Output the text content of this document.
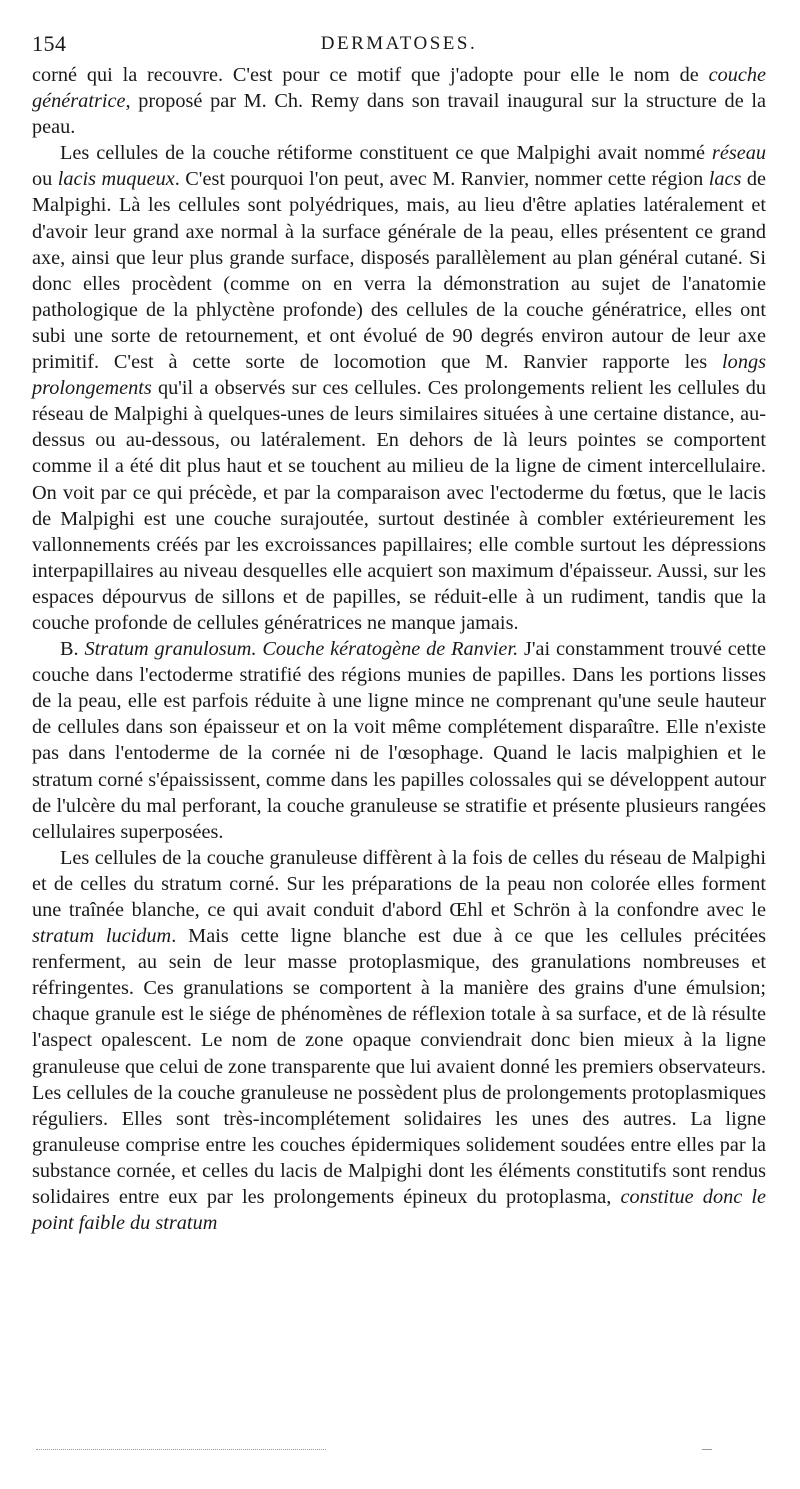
154	DERMATOSES.

corné qui la recouvre. C'est pour ce motif que j'adopte pour elle le nom de couche génératrice, proposé par M. Ch. Remy dans son travail inaugural sur la structure de la peau.

Les cellules de la couche rétiforme constituent ce que Malpighi avait nommé réseau ou lacis muqueux. C'est pourquoi l'on peut, avec M. Ranvier, nommer cette région lacs de Malpighi. Là les cellules sont polyédriques, mais, au lieu d'être aplaties latéralement et d'avoir leur grand axe normal à la surface générale de la peau, elles présentent ce grand axe, ainsi que leur plus grande surface, disposés parallèlement au plan général cutané. Si donc elles procèdent (comme on en verra la démonstration au sujet de l'anatomie pathologique de la phlyctène profonde) des cellules de la couche génératrice, elles ont subi une sorte de retournement, et ont évolué de 90 degrés environ autour de leur axe primitif. C'est à cette sorte de locomotion que M. Ranvier rapporte les longs prolongements qu'il a observés sur ces cellules. Ces prolongements relient les cellules du réseau de Malpighi à quelques-unes de leurs similaires situées à une certaine distance, au-dessus ou au-dessous, ou latéralement. En dehors de là leurs pointes se comportent comme il a été dit plus haut et se touchent au milieu de la ligne de ciment intercellulaire. On voit par ce qui précède, et par la comparaison avec l'ectoderme du fœtus, que le lacis de Malpighi est une couche surajoutée, surtout destinée à combler extérieurement les vallonnements créés par les excroissances papillaires; elle comble surtout les dépressions interpapillaires au niveau desquelles elle acquiert son maximum d'épaisseur. Aussi, sur les espaces dépourvus de sillons et de papilles, se réduit-elle à un rudiment, tandis que la couche profonde de cellules génératrices ne manque jamais.

B. Stratum granulosum. Couche kératogène de Ranvier. J'ai constamment trouvé cette couche dans l'ectoderme stratifié des régions munies de papilles. Dans les portions lisses de la peau, elle est parfois réduite à une ligne mince ne comprenant qu'une seule hauteur de cellules dans son épaisseur et on la voit même complétement disparaître. Elle n'existe pas dans l'entoderme de la cornée ni de l'œsophage. Quand le lacis malpighien et le stratum corné s'épaississent, comme dans les papilles colossales qui se développent autour de l'ulcère du mal perforant, la couche granuleuse se stratifie et présente plusieurs rangées cellulaires superposées.

Les cellules de la couche granuleuse diffèrent à la fois de celles du réseau de Malpighi et de celles du stratum corné. Sur les préparations de la peau non colorée elles forment une traînée blanche, ce qui avait conduit d'abord Œhl et Schrön à la confondre avec le stratum lucidum. Mais cette ligne blanche est due à ce que les cellules précitées renferment, au sein de leur masse protoplasmique, des granulations nombreuses et réfringentes. Ces granulations se comportent à la manière des grains d'une émulsion; chaque granule est le siége de phénomènes de réflexion totale à sa surface, et de là résulte l'aspect opalescent. Le nom de zone opaque conviendrait donc bien mieux à la ligne granuleuse que celui de zone transparente que lui avaient donné les premiers observateurs. Les cellules de la couche granuleuse ne possèdent plus de prolongements protoplasmiques réguliers. Elles sont très-incomplétement solidaires les unes des autres. La ligne granuleuse comprise entre les couches épidermiques solidement soudées entre elles par la substance cornée, et celles du lacis de Malpighi dont les éléments constitutifs sont rendus solidaires entre eux par les prolongements épineux du protoplasma, constitue donc le point faible du stratum
